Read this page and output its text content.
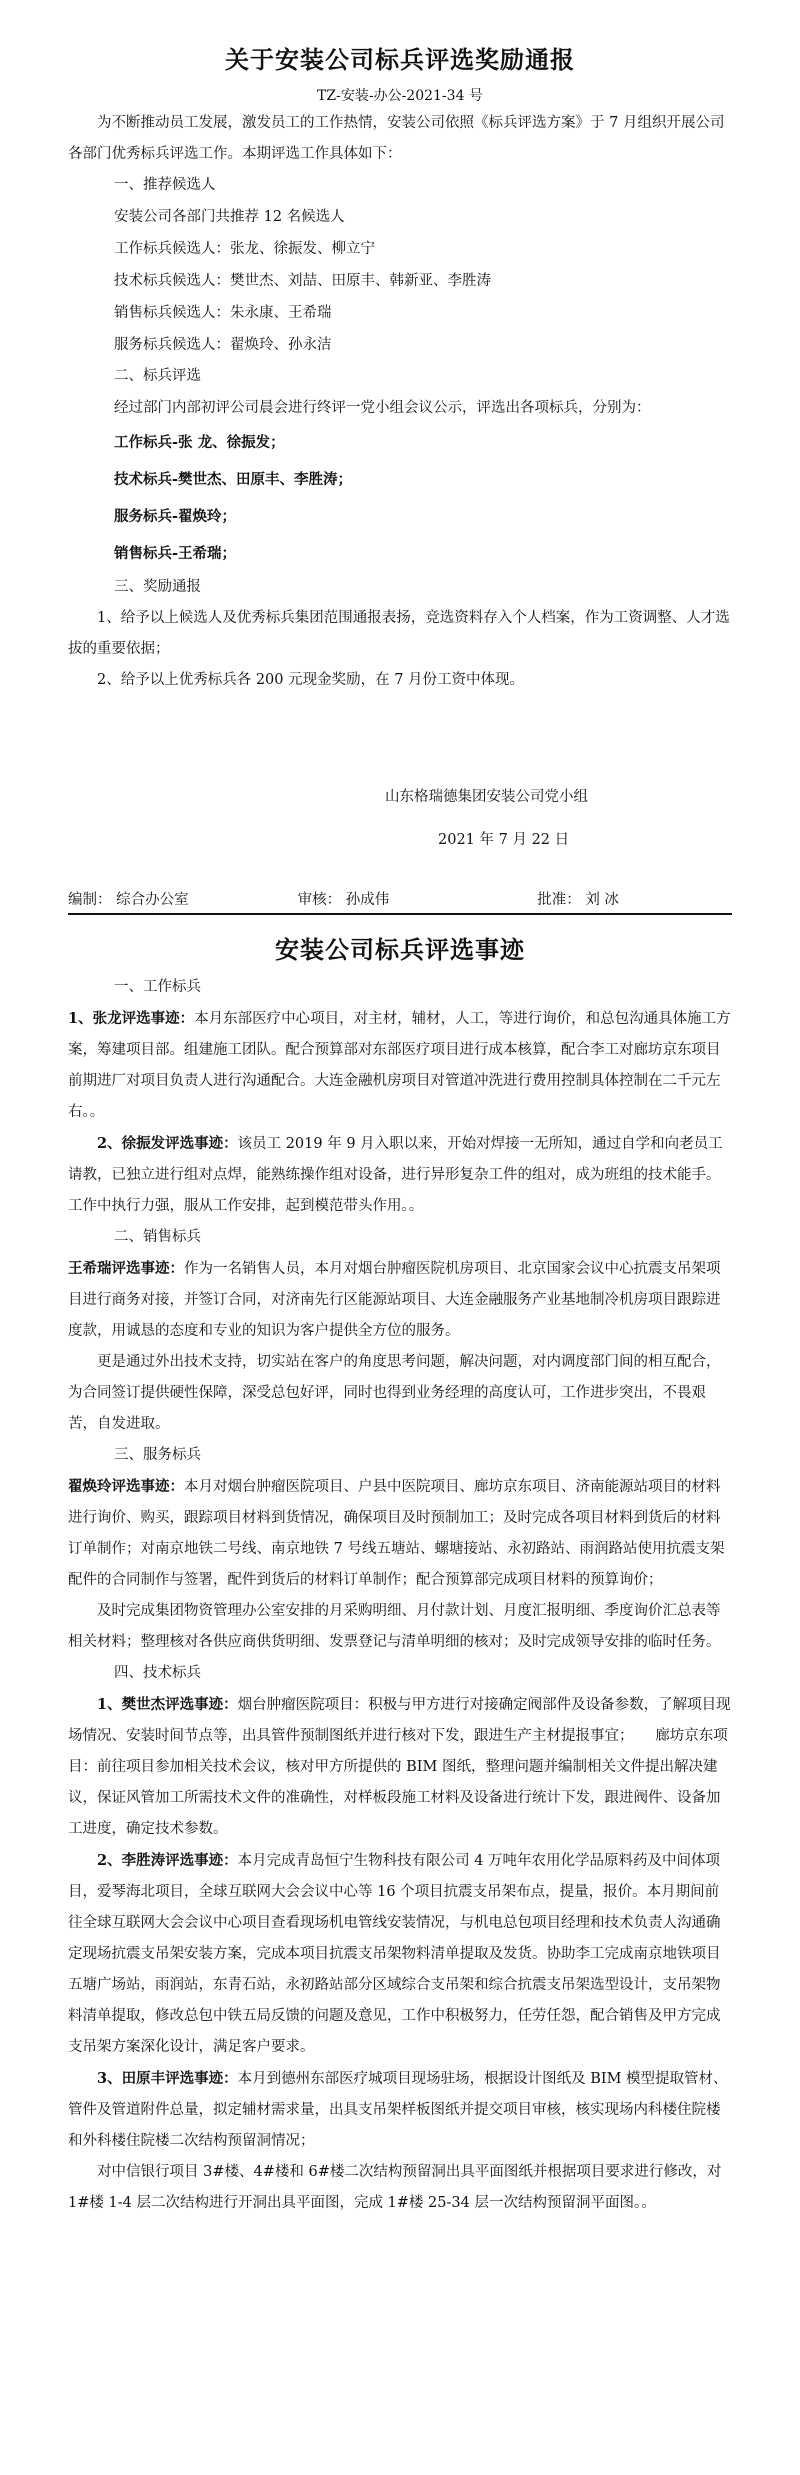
关于安装公司标兵评选奖励通报
TZ-安装-办公-2021-34 号

为不断推动员工发展，激发员工的工作热情，安装公司依照《标兵评选方案》于 7 月组织开展公司各部门优秀标兵评选工作。本期评选工作具体如下：

一、推荐候选人

安装公司各部门共推荐 12 名候选人

工作标兵候选人：张龙、徐振发、柳立宁

技术标兵候选人：樊世杰、刘喆、田原丰、韩新亚、李胜涛

销售标兵候选人：朱永康、王希瑞

服务标兵候选人：翟焕玲、孙永洁

二、标兵评选

经过部门内部初评公司晨会进行终评一党小组会议公示，评选出各项标兵，分别为：

工作标兵-张 龙、徐振发；

技术标兵-樊世杰、田原丰、李胜涛；

服务标兵-翟焕玲；

销售标兵-王希瑞；

三、奖励通报

1、给予以上候选人及优秀标兵集团范围通报表扬，竞选资料存入个人档案，作为工资调整、人才选拔的重要依据；

2、给予以上优秀标兵各 200 元现金奖励，在 7 月份工资中体现。

山东格瑞德集团安装公司党小组
2021 年 7 月 22 日
编制： 综合办公室	审核： 孙成伟	批准： 刘 冰
安装公司标兵评选事迹

一、工作标兵

1、张龙评选事迹：本月东部医疗中心项目，对主材，辅材，人工，等进行询价，和总包沟通具体施工方案，筹建项目部。组建施工团队。配合预算部对东部医疗项目进行成本核算，配合李工对廊坊京东项目前期进厂对项目负责人进行沟通配合。大连金融机房项目对管道冲洗进行费用控制具体控制在二千元左右。。

2、徐振发评选事迹：该员工 2019 年 9 月入职以来，开始对焊接一无所知，通过自学和向老员工请教，已独立进行组对点焊，能熟练操作组对设备，进行异形复杂工件的组对，成为班组的技术能手。工作中执行力强，服从工作安排，起到模范带头作用。。

二、销售标兵

王希瑞评选事迹：作为一名销售人员，本月对烟台肿瘤医院机房项目、北京国家会议中心抗震支吊架项目进行商务对接，并签订合同，对济南先行区能源站项目、大连金融服务产业基地制冷机房项目跟踪进度款，用诚恳的态度和专业的知识为客户提供全方位的服务。

更是通过外出技术支持，切实站在客户的角度思考问题，解决问题，对内调度部门间的相互配合，为合同签订提供硬性保障，深受总包好评，同时也得到业务经理的高度认可，工作进步突出，不畏艰苦，自发进取。

三、服务标兵

翟焕玲评选事迹：本月对烟台肿瘤医院项目、户县中医院项目、廊坊京东项目、济南能源站项目的材料进行询价、购买，跟踪项目材料到货情况，确保项目及时预制加工；及时完成各项目材料到货后的材料订单制作；对南京地铁二号线、南京地铁 7 号线五塘站、螺塘接站、永初路站、雨润路站使用抗震支架配件的合同制作与签署，配件到货后的材料订单制作；配合预算部完成项目材料的预算询价；

及时完成集团物资管理办公室安排的月采购明细、月付款计划、月度汇报明细、季度询价汇总表等相关材料；整理核对各供应商供货明细、发票登记与清单明细的核对；及时完成领导安排的临时任务。

四、技术标兵

1、樊世杰评选事迹：烟台肿瘤医院项目：积极与甲方进行对接确定阀部件及设备参数，了解项目现场情况、安装时间节点等，出具管件预制图纸并进行核对下发，跟进生产主材提报事宜；　　廊坊京东项目：前往项目参加相关技术会议，核对甲方所提供的 BIM 图纸，整理问题并编制相关文件提出解决建议，保证风管加工所需技术文件的准确性，对样板段施工材料及设备进行统计下发，跟进阀件、设备加工进度，确定技术参数。

2、李胜涛评选事迹：本月完成青岛恒宁生物科技有限公司 4 万吨年农用化学品原料药及中间体项目，爱琴海北项目，全球互联网大会会议中心等 16 个项目抗震支吊架布点，提量，报价。本月期间前往全球互联网大会会议中心项目查看现场机电管线安装情况，与机电总包项目经理和技术负责人沟通确定现场抗震支吊架安装方案，完成本项目抗震支吊架物料清单提取及发货。协助李工完成南京地铁项目五塘广场站，雨润站，东青石站，永初路站部分区域综合支吊架和综合抗震支吊架选型设计，支吊架物料清单提取，修改总包中铁五局反馈的问题及意见，工作中积极努力，任劳任怨，配合销售及甲方完成支吊架方案深化设计，满足客户要求。

3、田原丰评选事迹：本月到德州东部医疗城项目现场驻场，根据设计图纸及 BIM 模型提取管材、管件及管道附件总量，拟定辅材需求量，出具支吊架样板图纸并提交项目审核，核实现场内科楼住院楼和外科楼住院楼二次结构预留洞情况；

对中信银行项目 3#楼、4#楼和 6#楼二次结构预留洞出具平面图纸并根据项目要求进行修改，对 1#楼 1-4 层二次结构进行开洞出具平面图，完成 1#楼 25-34 层一次结构预留洞平面图。。
